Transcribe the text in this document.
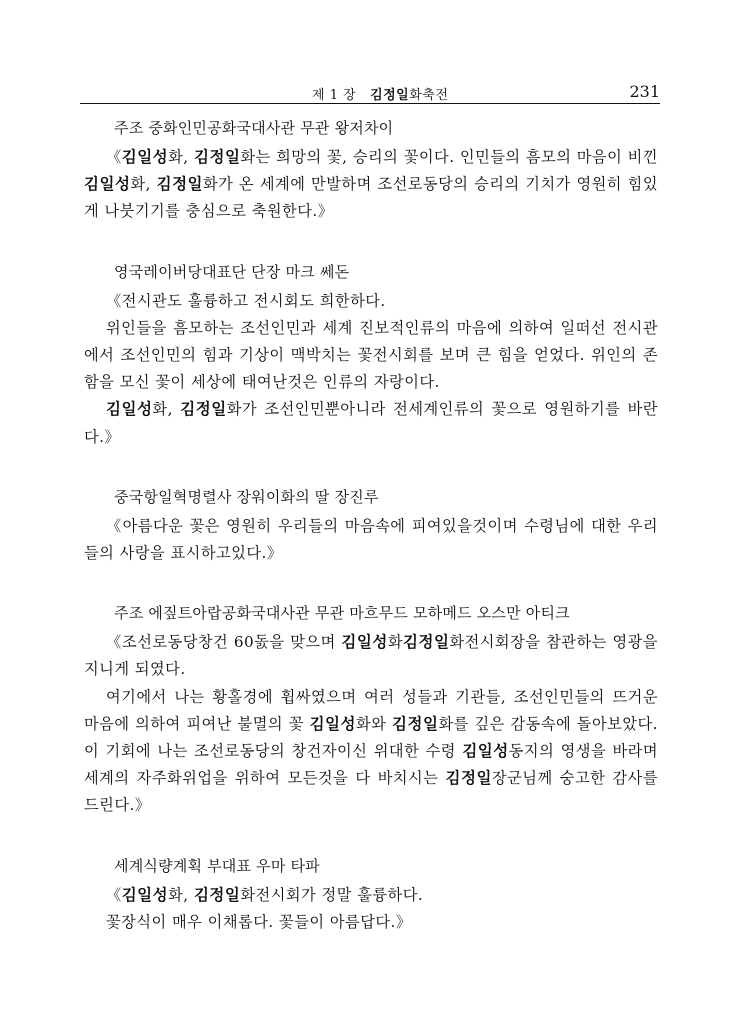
제 1 장 김정일화축전	231
주조 중화인민공화국대사관 무관 왕저차이

《김일성화, 김정일화는 희망의 꽃, 승리의 꽃이다. 인민들의 흠모의 마음이 비낀 김일성화, 김정일화가 온 세계에 만발하며 조선로동당의 승리의 기치가 영원히 힘있게 나붓기기를 충심으로 축원한다.》

영국레이버당대표단 단장 마크 쎄돈

《전시관도 훌륭하고 전시회도 희한하다.

위인들을 흠모하는 조선인민과 세계 진보적인류의 마음에 의하여 일떠선 전시관에서 조선인민의 힘과 기상이 맥박치는 꽃전시회를 보며 큰 힘을 얻었다. 위인의 존함을 모신 꽃이 세상에 태여난것은 인류의 자랑이다.

김일성화, 김정일화가 조선인민뿐아니라 전세계인류의 꽃으로 영원하기를 바란다.》

중국항일혁명렬사 장워이화의 딸 장진루

《아름다운 꽃은 영원히 우리들의 마음속에 피여있을것이며 수령님에 대한 우리들의 사랑을 표시하고있다.》

주조 에짚트아랍공화국대사관 무관 마흐무드 모하메드 오스만 아티크

《조선로동당창건 60돐을 맞으며 김일성화김정일화전시회장을 참관하는 영광을 지니게 되였다.

여기에서 나는 황홀경에 휩싸였으며 여러 성들과 기관들, 조선인민들의 뜨거운 마음에 의하여 피여난 불멸의 꽃 김일성화와 김정일화를 깊은 감동속에 돌아보았다. 이 기회에 나는 조선로동당의 창건자이신 위대한 수령 김일성동지의 영생을 바라며 세계의 자주화위업을 위하여 모든것을 다 바치시는 김정일장군님께 숭고한 감사를 드린다.》

세계식량계획 부대표 우마 타파

《김일성화, 김정일화전시회가 정말 훌륭하다.

꽃장식이 매우 이채롭다. 꽃들이 아름답다.》
